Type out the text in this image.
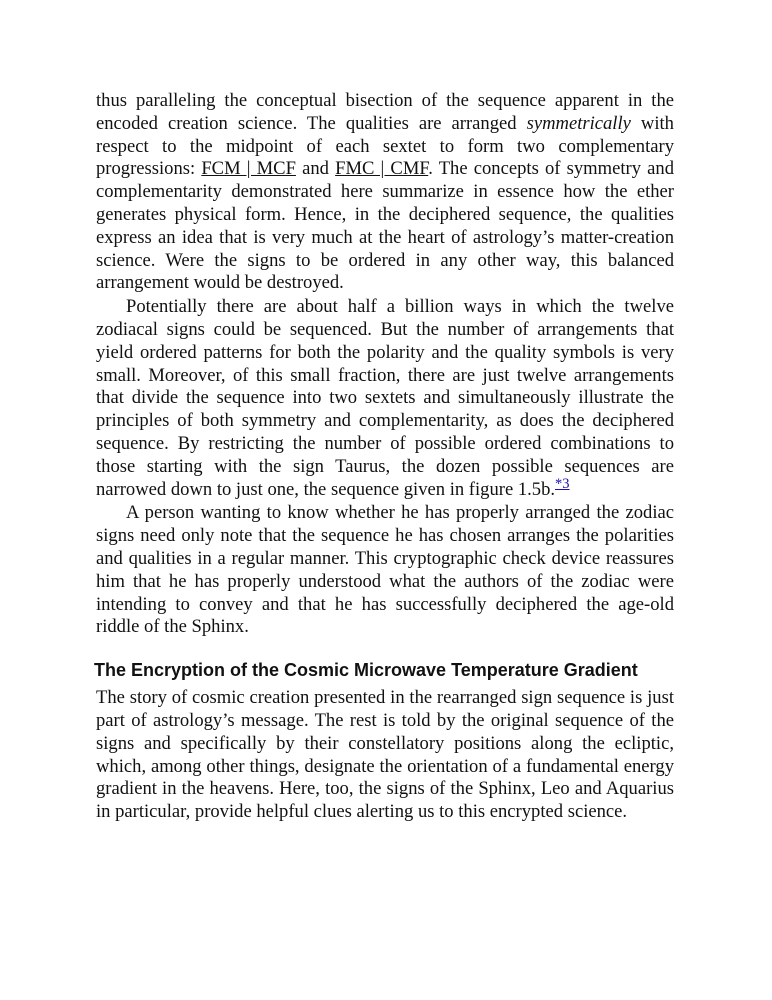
thus paralleling the conceptual bisection of the sequence apparent in the encoded creation science. The qualities are arranged symmetrically with respect to the midpoint of each sextet to form two complementary progressions: FCM | MCF and FMC | CMF. The concepts of symmetry and complementarity demonstrated here summarize in essence how the ether generates physical form. Hence, in the deciphered sequence, the qualities express an idea that is very much at the heart of astrology’s matter-creation science. Were the signs to be ordered in any other way, this balanced arrangement would be destroyed.

Potentially there are about half a billion ways in which the twelve zodiacal signs could be sequenced. But the number of arrangements that yield ordered patterns for both the polarity and the quality symbols is very small. Moreover, of this small fraction, there are just twelve arrangements that divide the sequence into two sextets and simultaneously illustrate the principles of both symmetry and complementarity, as does the deciphered sequence. By restricting the number of possible ordered combinations to those starting with the sign Taurus, the dozen possible sequences are narrowed down to just one, the sequence given in figure 1.5b.$^{*3}$

A person wanting to know whether he has properly arranged the zodiac signs need only note that the sequence he has chosen arranges the polarities and qualities in a regular manner. This cryptographic check device reassures him that he has properly understood what the authors of the zodiac were intending to convey and that he has successfully deciphered the age-old riddle of the Sphinx.

The Encryption of the Cosmic Microwave Temperature Gradient

The story of cosmic creation presented in the rearranged sign sequence is just part of astrology’s message. The rest is told by the original sequence of the signs and specifically by their constellatory positions along the ecliptic, which, among other things, designate the orientation of a fundamental energy gradient in the heavens. Here, too, the signs of the Sphinx, Leo and Aquarius in particular, provide helpful clues alerting us to this encrypted science.
